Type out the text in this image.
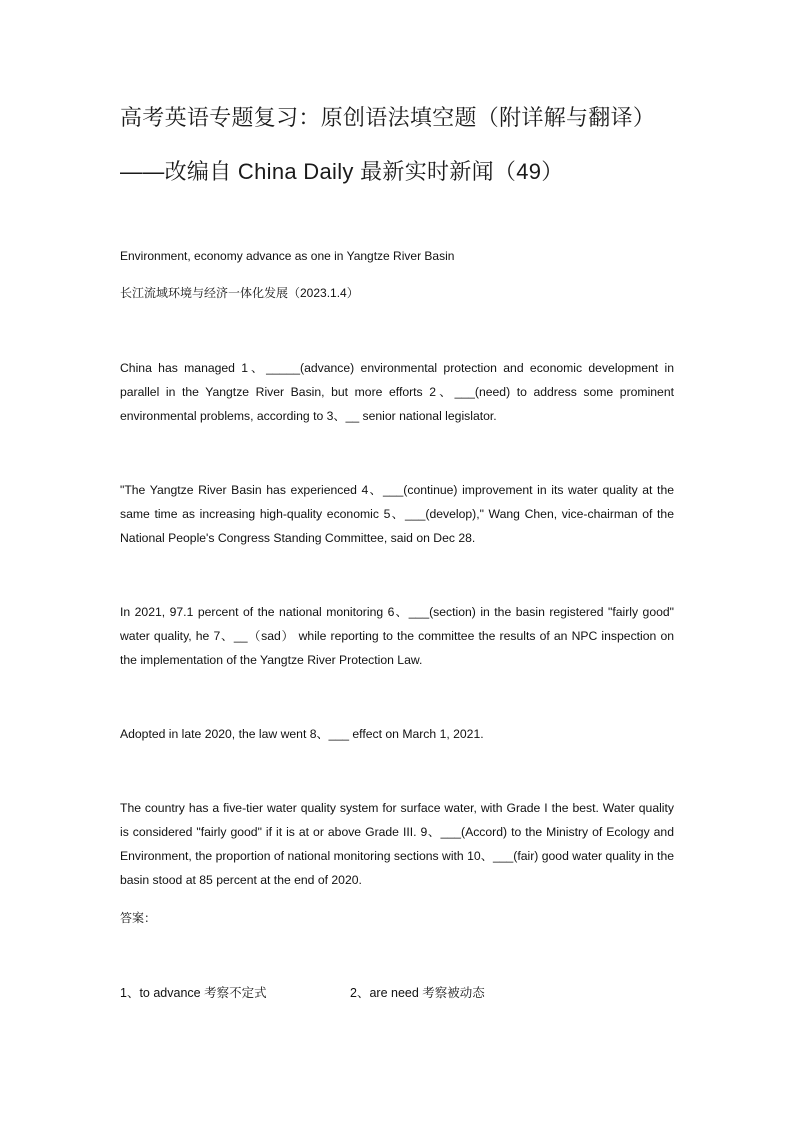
高考英语专题复习：原创语法填空题（附详解与翻译）
——改编自 China Daily 最新实时新闻（49）
Environment, economy advance as one in Yangtze River Basin
长江流域环境与经济一体化发展（2023.1.4）
China has managed 1、_____(advance) environmental protection and economic development in parallel in the Yangtze River Basin, but more efforts 2、___(need) to address some prominent environmental problems, according to 3、__ senior national legislator.
"The Yangtze River Basin has experienced 4、___(continue) improvement in its water quality at the same time as increasing high-quality economic 5、___(develop)," Wang Chen, vice-chairman of the National People's Congress Standing Committee, said on Dec 28.
In 2021, 97.1 percent of the national monitoring 6、___(section) in the basin registered "fairly good" water quality, he 7、__（sad） while reporting to the committee the results of an NPC inspection on the implementation of the Yangtze River Protection Law.
Adopted in late 2020, the law went 8、___ effect on March 1, 2021.
The country has a five-tier water quality system for surface water, with Grade I the best. Water quality is considered "fairly good" if it is at or above Grade III. 9、___(Accord) to the Ministry of Ecology and Environment, the proportion of national monitoring sections with 10、___(fair) good water quality in the basin stood at 85 percent at the end of 2020.
答案：
1、to advance 考察不定式	2、are need 考察被动态
